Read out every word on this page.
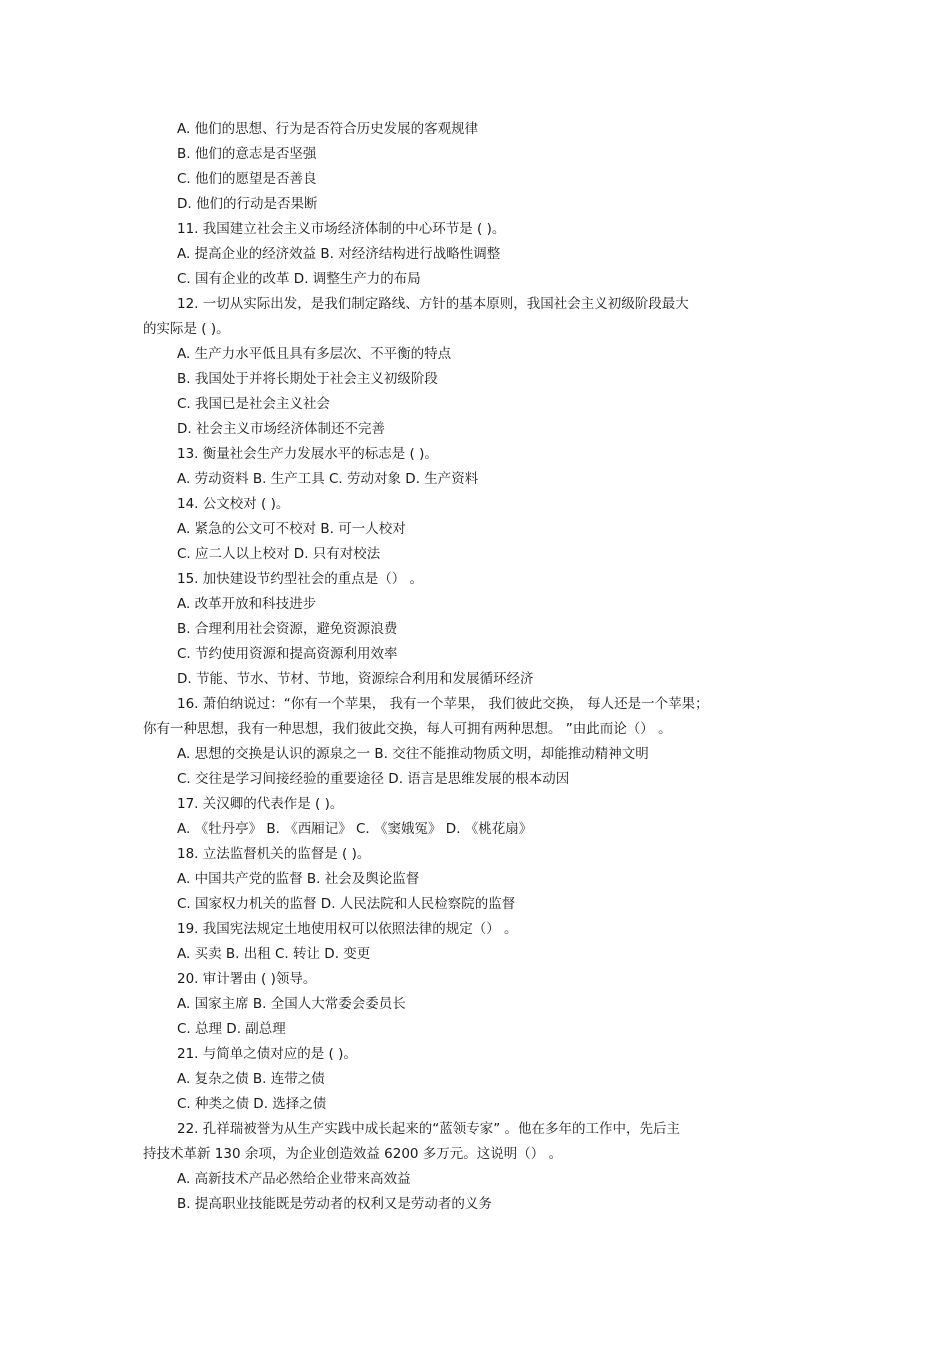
A. 他们的思想、行为是否符合历史发展的客观规律
B. 他们的意志是否坚强
C. 他们的愿望是否善良
D. 他们的行动是否果断
11. 我国建立社会主义市场经济体制的中心环节是 ( )。
A. 提高企业的经济效益 B. 对经济结构进行战略性调整
C. 国有企业的改革 D. 调整生产力的布局
12. 一切从实际出发，是我们制定路线、方针的基本原则，我国社会主义初级阶段最大
的实际是 ( )。
A. 生产力水平低且具有多层次、不平衡的特点
B. 我国处于并将长期处于社会主义初级阶段
C. 我国已是社会主义社会
D. 社会主义市场经济体制还不完善
13. 衡量社会生产力发展水平的标志是 ( )。
A. 劳动资料 B. 生产工具 C. 劳动对象 D. 生产资料
14. 公文校对 ( )。
A. 紧急的公文可不校对 B. 可一人校对
C. 应二人以上校对 D. 只有对校法
15. 加快建设节约型社会的重点是（） 。
A. 改革开放和科技进步
B. 合理利用社会资源，避免资源浪费
C. 节约使用资源和提高资源利用效率
D. 节能、节水、节材、节地，资源综合利用和发展循环经济
16. 萧伯纳说过：“你有一个苹果， 我有一个苹果， 我们彼此交换， 每人还是一个苹果；
你有一种思想，我有一种思想，我们彼此交换，每人可拥有两种思想。 ”由此而论（） 。
A. 思想的交换是认识的源泉之一 B. 交往不能推动物质文明，却能推动精神文明
C. 交往是学习间接经验的重要途径 D. 语言是思维发展的根本动因
17. 关汉卿的代表作是 ( )。
A. 《牡丹亭》 B. 《西厢记》 C. 《窦娥冤》 D. 《桃花扇》
18. 立法监督机关的监督是 ( )。
A. 中国共产党的监督 B. 社会及舆论监督
C. 国家权力机关的监督 D. 人民法院和人民检察院的监督
19. 我国宪法规定土地使用权可以依照法律的规定（） 。
A. 买卖 B. 出租 C. 转让 D. 变更
20. 审计署由 ( )领导。
A. 国家主席 B. 全国人大常委会委员长
C. 总理 D. 副总理
21. 与简单之债对应的是 ( )。
A. 复杂之债 B. 连带之债
C. 种类之债 D. 选择之债
22. 孔祥瑞被誉为从生产实践中成长起来的“蓝领专家” 。他在多年的工作中，先后主
持技术革新 130 余项，为企业创造效益 6200 多万元。这说明（） 。
A. 高新技术产品必然给企业带来高效益
B. 提高职业技能既是劳动者的权利又是劳动者的义务
